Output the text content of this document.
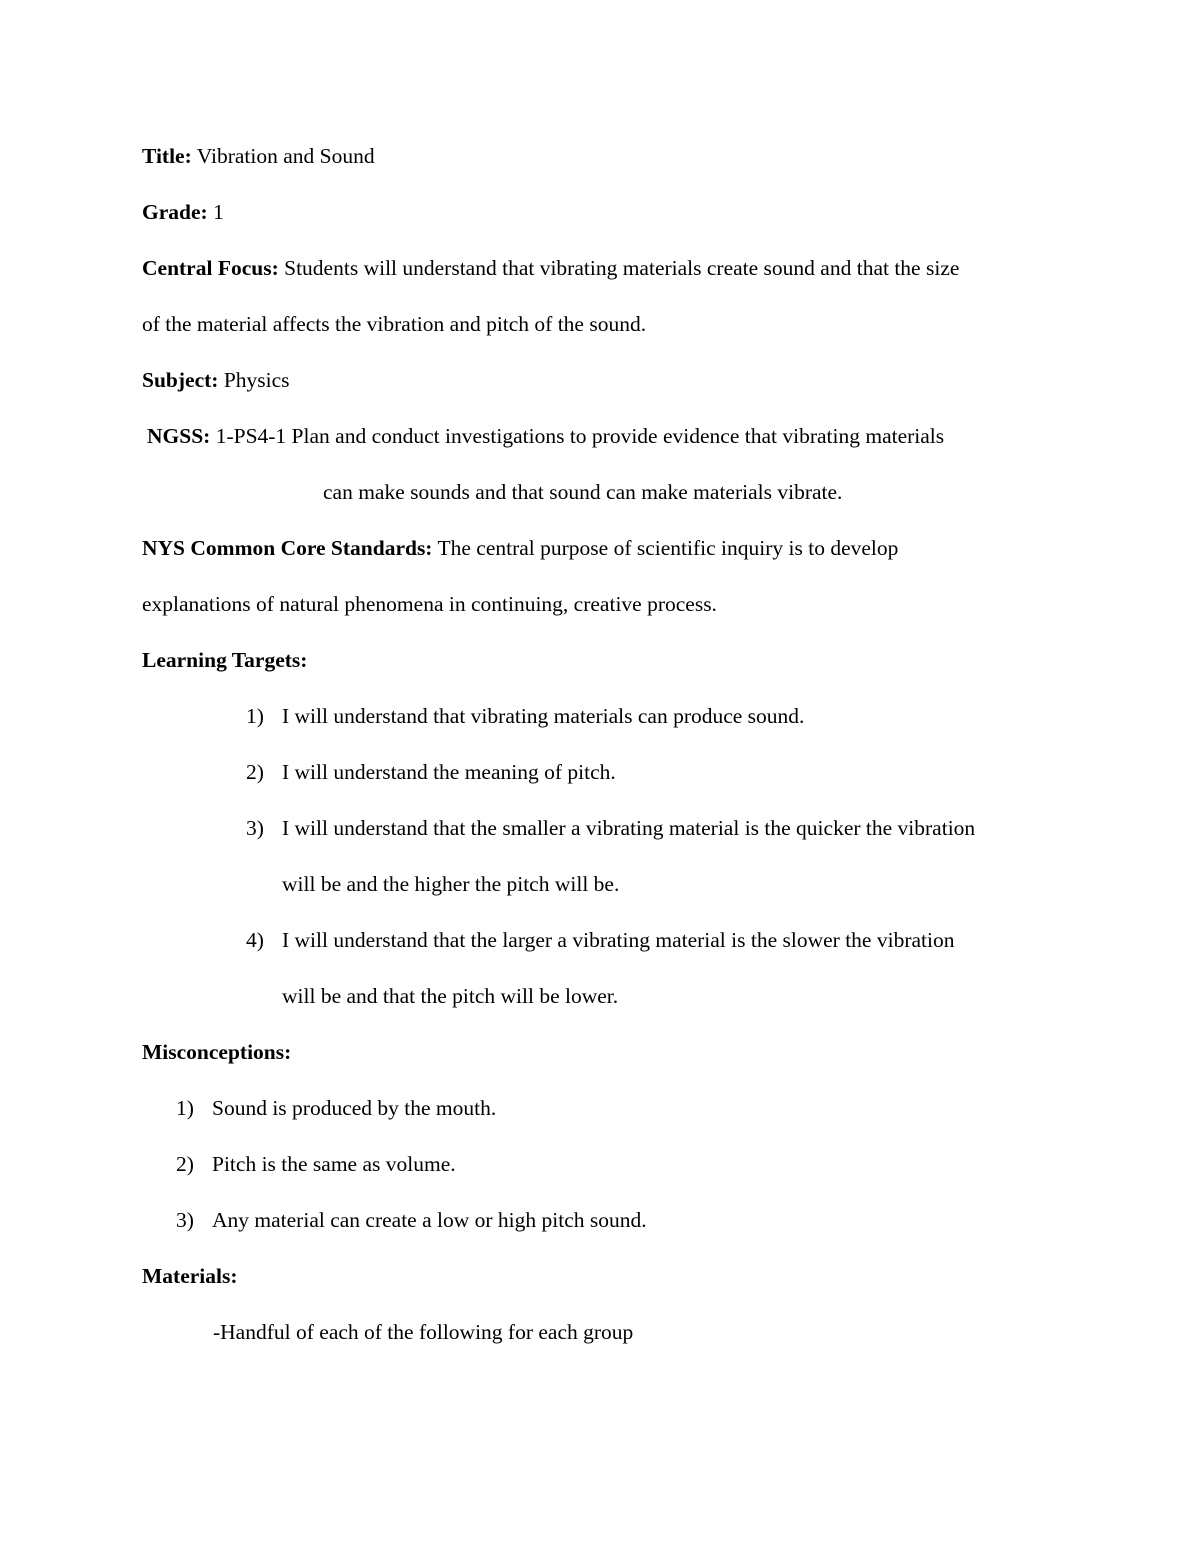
Title: Vibration and Sound
Grade: 1
Central Focus: Students will understand that vibrating materials create sound and that the size
of the material affects the vibration and pitch of the sound.
Subject: Physics
NGSS: 1-PS4-1 Plan and conduct investigations to provide evidence that vibrating materials
can make sounds and that sound can make materials vibrate.
NYS Common Core Standards: The central purpose of scientific inquiry is to develop
explanations of natural phenomena in continuing, creative process.
Learning Targets:
1) I will understand that vibrating materials can produce sound.
2) I will understand the meaning of pitch.
3) I will understand that the smaller a vibrating material is the quicker the vibration
will be and the higher the pitch will be.
4) I will understand that the larger a vibrating material is the slower the vibration
will be and that the pitch will be lower.
Misconceptions:
1) Sound is produced by the mouth.
2) Pitch is the same as volume.
3) Any material can create a low or high pitch sound.
Materials:
-Handful of each of the following for each group
